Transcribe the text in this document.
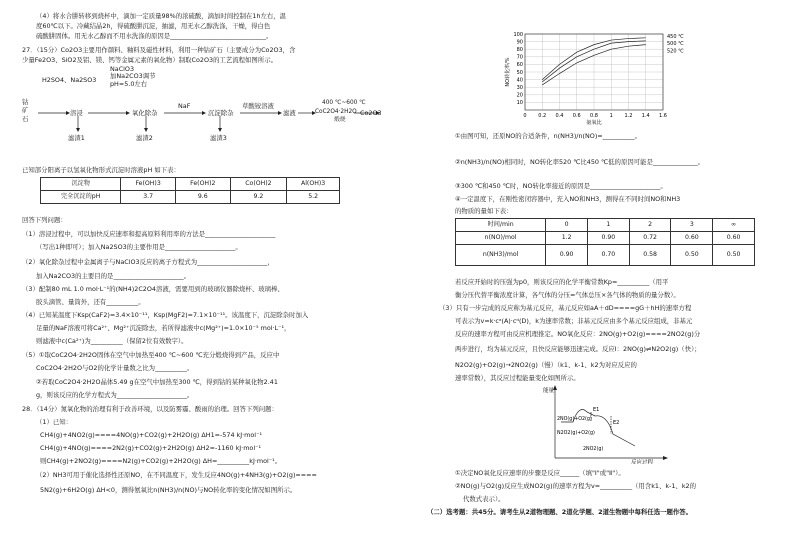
（4）将水合肼转移到烧杯中，滴加一定质量98%的浓硫酸，滴加时间控制在1h左右，温
度60℃以下。冷藏结晶2h，得硫酸肼沉淀，抽滤，用无水乙醇洗涤，干燥，得白色
硫酸肼固体。用无水乙醇而不用水洗涤的原因是______________________________。
27．（15分）Co2O3主要用作颜料、釉料及磁性材料，利用一种钴矿石（主要成分为Co2O3，含
少量Fe2O3、SiO2及铝、镁、钙等金属元素的氧化物）制取Co2O3的工艺流程如图所示。
钴矿石
H2SO4、Na2SO3
溶浸
NaClO3
加Na2CO3调节
pH=5.0左右
氧化除杂
NaF
沉淀除杂
草酸铵溶液
滤液	CoC2O4·2H2O
400 ℃~600 ℃
煅烧
Co2O3
滤渣1	滤渣2	滤渣3
已知部分阳离子以氢氧化物形式沉淀时溶液pH 如下表：
沉淀物	Fe(OH)3	Fe(OH)2	Co(OH)2	Al(OH)3
完全沉淀的pH	3.7	9.6	9.2	5.2
回答下列问题：
（1）溶浸过程中，可以加快反应速率和提高原料利用率的方法是______________________
（写出1种即可）；加入Na2SO3的主要作用是______________________。
（2）氧化除杂过程中金属离子与NaClO3反应的离子方程式为______________________，
加入Na2CO3的主要目的是______________________。
（3）配制80 mL 1.0 mol·L⁻¹的(NH4)2C2O4溶液，需要用到的玻璃仪器除烧杯、玻璃棒、
胶头滴管、量筒外，还有__________。
（4）已知某温度下Ksp(CaF2)=3.4×10⁻¹¹，Ksp(MgF2)=7.1×10⁻¹¹。该温度下，沉淀除杂时加入
足量的NaF溶液可将Ca²⁺、Mg²⁺沉淀除去，若所得滤液中c(Mg²⁺)=1.0×10⁻⁵ mol·L⁻¹，
则滤液中c(Ca²⁺)为__________（保留2位有效数字）。
（5）①取CoC2O4·2H2O固体在空气中加热至400 ℃~600 ℃充分煅烧得到产品，反应中
CoC2O4·2H2O与O2的化学计量数之比为__________。
②若取CoC2O4·2H2O晶体5.49 g在空气中加热至300 ℃，得到钴的某种氧化物2.41
g，则该反应的化学方程式为______________________。
28．（14分）氮氧化物的治理有利于改善环境，以及防雾霾、酸雨的治理。回答下列问题：
（1）已知：
CH4(g)+4NO2(g)====4NO(g)+CO2(g)+2H2O(g) ΔH1=-574 kJ·mol⁻¹
CH4(g)+4NO(g)====2N2(g)+CO2(g)+2H2O(g) ΔH2=-1160 kJ·mol⁻¹
则CH4(g)+2NO2(g)====N2(g)+CO2(g)+2H2O(g) ΔH=__________kJ·mol⁻¹。
（2）NH3可用于催化选择性还原NO，在不同温度下，发生反应4NO(g)+4NH3(g)+O2(g)====
5N2(g)+6H2O(g) ΔH<0，测得氨氧比n(NH3)/n(NO)与NO转化率的变化情况如图所示。
10
20
30
40
50
60
70
80
90
100
0 0.2 0.4 0.6 0.8 1 1.2 1.4 1.6
NO转化率/%
氨氧比
450 ℃
500 ℃
520 ℃
①由图可知，还原NO的合适条件，n(NH3)/n(NO)=__________。
②n(NH3)/n(NO)相同时，NO转化率520 ℃比450 ℃低的原因可能是______________。
③300 ℃和450 ℃时，NO转化率接近的原因是______________________。
④一定温度下，在刚性密闭容器中，充入NO和NH3，测得在不同时间NO和NH3
的物质的量如下表：
时间/min	0	1	2	3	∞
n(NO)/mol	1.2	0.90	0.72	0.60	0.60
n(NH3)/mol	0.90	0.70	0.58	0.50	0.50
若反应开始时的压强为p0，则该反应的化学平衡常数Kp=__________（用平
衡分压代替平衡浓度计算，各气体的分压=气体总压×各气体的物质的量分数）。
（3）只有一步完成的反应称为基元反应，基元反应如aA＋dD====gG＋hH的速率方程
可表示为v=k·cᵃ(A)·cᵈ(D)，k为速率常数；非基元反应由多个基元反应组成，非基元
反应的速率方程可由反应机理推定。NO氧化反应：2NO(g)+O2(g)====2NO2(g)分
两步进行，均为基元反应，且快反应能够迅速完成。反应Ⅰ：2NO(g)⇌N2O2(g)（快）；
N2O2(g)+O2(g)→2NO2(g)（慢）（k1、k-1、k2为对应反应的
速率常数），其反应过程能量变化如图所示。
能量
反应过程
E1
E2
2NO(g)+O2(g)
N2O2(g)+O2(g)
2NO2(g)
①决定NO氧化反应速率的步骤是反应______（填"Ⅰ"或"Ⅱ"）。
②NO(g)与O2(g)反应生成NO2(g)的速率方程为v=__________（用含k1、k-1、k2的
代数式表示）。
（二）选考题：共45分。请考生从2道物理题、2道化学题、2道生物题中每科任选一题作答。
